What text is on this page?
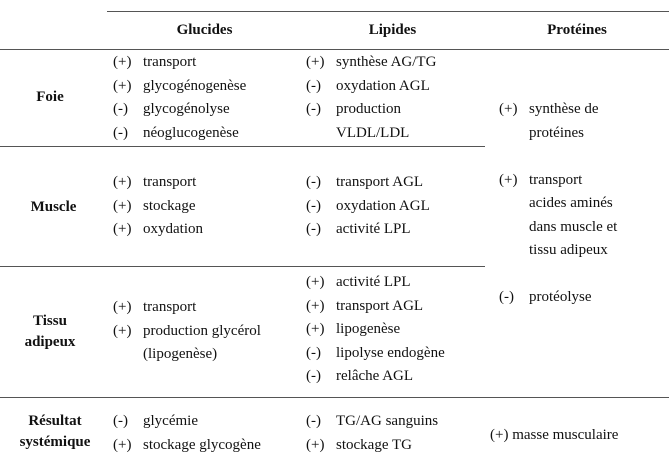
Glucides	Lipides	Protéines
Foie
Muscle
Tissu
adipeux
Résultat
systémique
(+) transport
(+) glycogénogenèse
(-) glycogénolyse
(-) néoglucogenèse
(+) synthèse AG/TG
(-) oxydation AGL
(-) production
VLDL/LDL
(+) transport
(+) stockage
(+) oxydation
(-) transport AGL
(-) oxydation AGL
(-) activité LPL
(+) transport
(+) production glycérol
(lipogenèse)
(+) activité LPL
(+) transport AGL
(+) lipogenèse
(-) lipolyse endogène
(-) relâche AGL
(+) synthèse de
protéines
(+) transport
acides aminés
dans muscle et
tissu adipeux
(-) protéolyse
(-) glycémie
(+) stockage glycogène
(-) TG/AG sanguins
(+) stockage TG
(+) masse musculaire
